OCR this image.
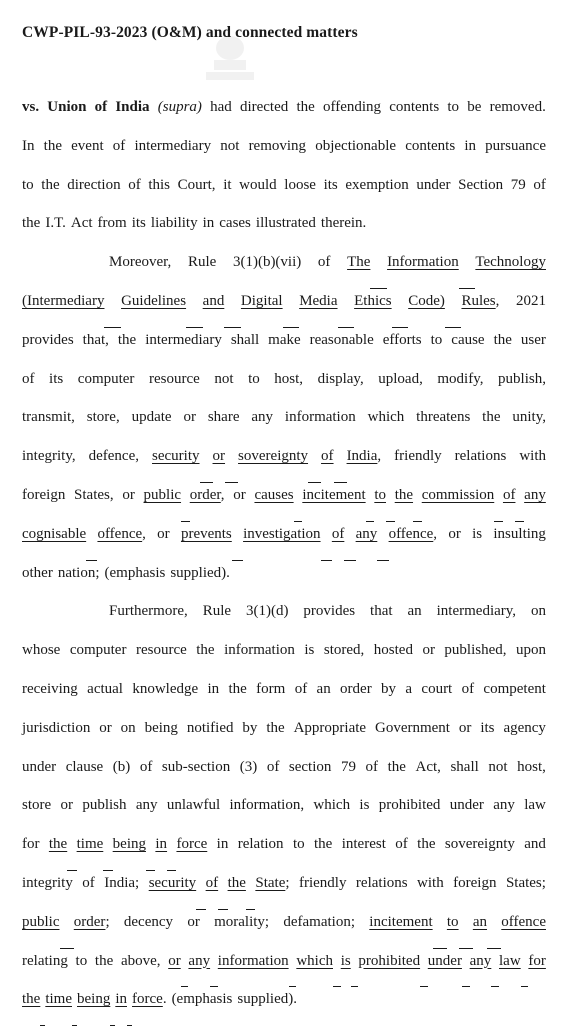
CWP-PIL-93-2023 (O&M) and connected matters
vs. Union of India (supra) had directed the offending contents to be removed.
In the event of intermediary not removing objectionable contents in pursuance
to the direction of this Court, it would loose its exemption under Section 79 of
the I.T. Act from its liability in cases illustrated therein.
Moreover, Rule 3(1)(b)(vii) of The Information Technology
(Intermediary Guidelines and Digital Media Ethics Code) Rules, 2021
provides that, the intermediary shall make reasonable efforts to cause the user
of its computer resource not to host, display, upload, modify, publish,
transmit, store, update or share any information which threatens the unity,
integrity, defence, security or sovereignty of India, friendly relations with
foreign States, or public order, or causes incitement to the commission of any
cognisable offence, or prevents investigation of any offence, or is insulting
other nation; (emphasis supplied).
Furthermore, Rule 3(1)(d) provides that an intermediary, on
whose computer resource the information is stored, hosted or published, upon
receiving actual knowledge in the form of an order by a court of competent
jurisdiction or on being notified by the Appropriate Government or its agency
under clause (b) of sub-section (3) of section 79 of the Act, shall not host,
store or publish any unlawful information, which is prohibited under any law
for the time being in force in relation to the interest of the sovereignty and
integrity of India; security of the State; friendly relations with foreign States;
public order; decency or morality; defamation; incitement to an offence
relating to the above, or any information which is prohibited under any law for
the time being in force. (emphasis supplied).
